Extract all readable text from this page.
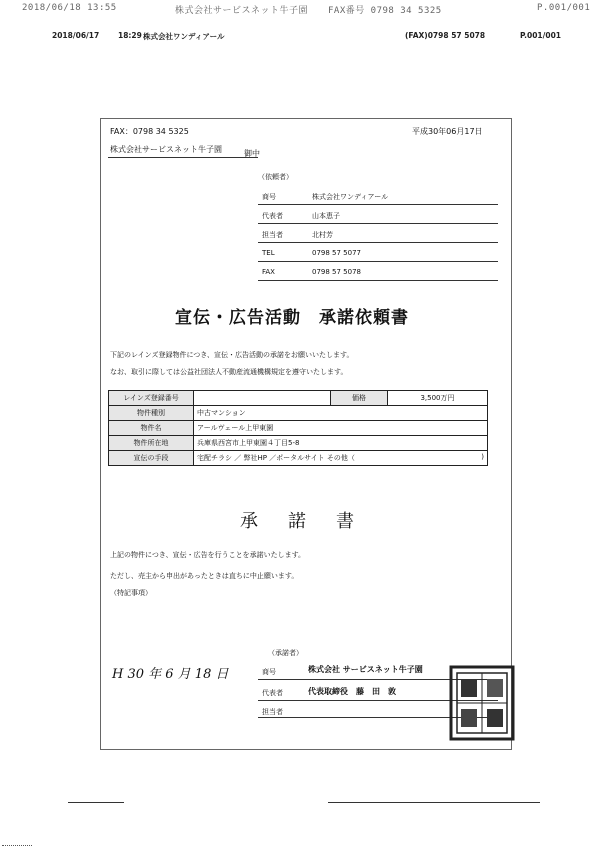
2018/06/18 13:55	株式会社サービスネット牛子園 FAX番号 0798 34 5325	P.001/001
2018/06/17	18:29 株式会社ワンディアール	(FAX)0798 57 5078	P.001/001
FAX：0798 34 5325	平成30年06月17日
株式会社サービスネット牛子園	御中
（依頼者）
商号	株式会社ワンディアール
代表者	山本恵子
担当者	北村芳
TEL	0798 57 5077
FAX	0798 57 5078
宣伝・広告活動　承諾依頼書
下記のレインズ登録物件につき、宣伝・広告活動の承諾をお願いいたします。
なお、取引に際しては公益社団法人不動産流通機構規定を遵守いたします。
レインズ登録番号		価格	3,500万円
物件種別	中古マンション		
物件名	アールヴェール上甲東園		
物件所在地	兵庫県西宮市上甲東園４丁目5-8		
宣伝の手段	宅配チラシ ／ 弊社HP ／ポータルサイト その他（ )		
承諾書
上記の物件につき、宣伝・広告を行うことを承諾いたします。
ただし、売主から申出があったときは直ちに中止願います。
（特記事項）
（承諾者）
H 30 年 6 月 18 日	商号	株式会社 サービスネット牛子園
代表者	代表取締役　藤　田　敦
担当者
